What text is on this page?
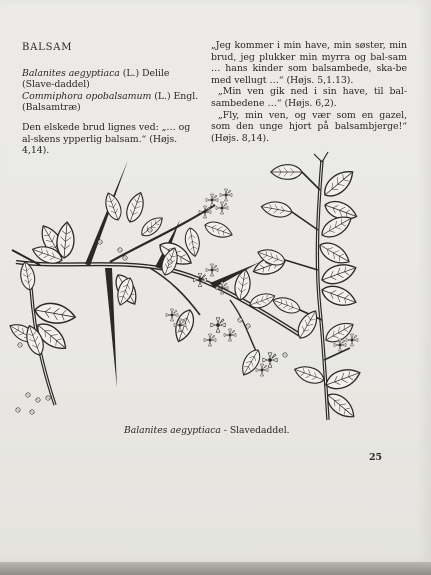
BALSAM
Balanites aegyptiaca (L.) Delile (Slave-daddel)
Commiphora opobalsamum (L.) Engl. (Balsamtræ)
Den elskede brud lignes ved: „… og al-skens ypperlig balsam.“ (Højs. 4,14).
„Jeg kommer i min have, min søster, min brud, jeg plukker min myrra og bal-sam … hans kinder som balsambede, ska-be med vellugt …“ (Højs. 5,1.13).
„Min ven gik ned i sin have, til bal-sambedene …“ (Højs. 6,2).
„Fly, min ven, og vær som en gazel, som den unge hjort på balsambjerge!“ (Højs. 8,14).
Balanites aegyptiaca - Slavedaddel.
25
